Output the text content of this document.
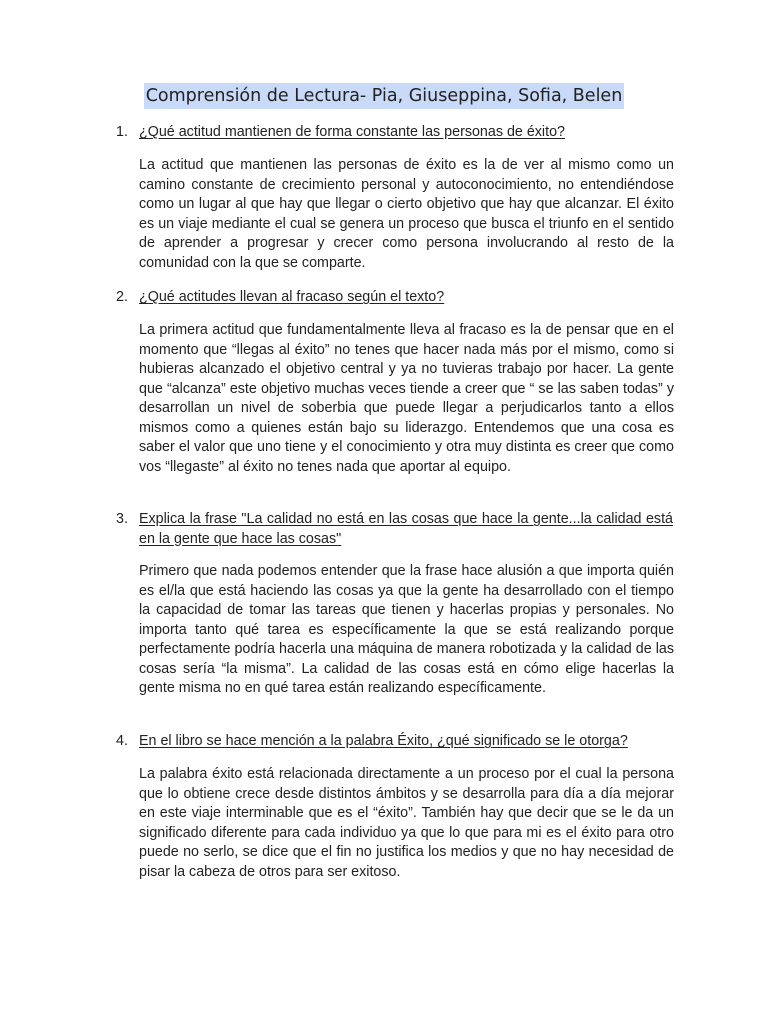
Comprensión de Lectura- Pia, Giuseppina, Sofia, Belen
1. ¿Qué actitud mantienen de forma constante las personas de éxito?
La actitud que mantienen las personas de éxito es la de ver al mismo como un camino constante de crecimiento personal y autoconocimiento, no entendiéndose como un lugar al que hay que llegar o cierto objetivo que hay que alcanzar. El éxito es un viaje mediante el cual se genera un proceso que busca el triunfo en el sentido de aprender a progresar y crecer como persona involucrando al resto de la comunidad con la que se comparte.
2. ¿Qué actitudes llevan al fracaso según el texto?
La primera actitud que fundamentalmente lleva al fracaso es la de pensar que en el momento que “llegas al éxito” no tenes que hacer nada más por el mismo, como si hubieras alcanzado el objetivo central y ya no tuvieras trabajo por hacer. La gente que “alcanza” este objetivo muchas veces tiende a creer que “ se las saben todas” y desarrollan un nivel de soberbia que puede llegar a perjudicarlos tanto a ellos mismos como a quienes están bajo su liderazgo. Entendemos que una cosa es saber el valor que uno tiene y el conocimiento y otra muy distinta es creer que como vos “llegaste” al éxito no tenes nada que aportar al equipo.
3. Explica la frase "La calidad no está en las cosas que hace la gente...la calidad está en la gente que hace las cosas"
Primero que nada podemos entender que la frase hace alusión a que importa quién es el/la que está haciendo las cosas ya que la gente ha desarrollado con el tiempo la capacidad de tomar las tareas que tienen y hacerlas propias y personales. No importa tanto qué tarea es específicamente la que se está realizando porque perfectamente podría hacerla una máquina de manera robotizada y la calidad de las cosas sería “la misma”. La calidad de las cosas está en cómo elige hacerlas la gente misma no en qué tarea están realizando específicamente.
4. En el libro se hace mención a la palabra Éxito, ¿qué significado se le otorga?
La palabra éxito está relacionada directamente a un proceso por el cual la persona que lo obtiene crece desde distintos ámbitos y se desarrolla para día a día mejorar en este viaje interminable que es el “éxito”. También hay que decir que se le da un significado diferente para cada individuo ya que lo que para mi es el éxito para otro puede no serlo, se dice que el fin no justifica los medios y que no hay necesidad de pisar la cabeza de otros para ser exitoso.
